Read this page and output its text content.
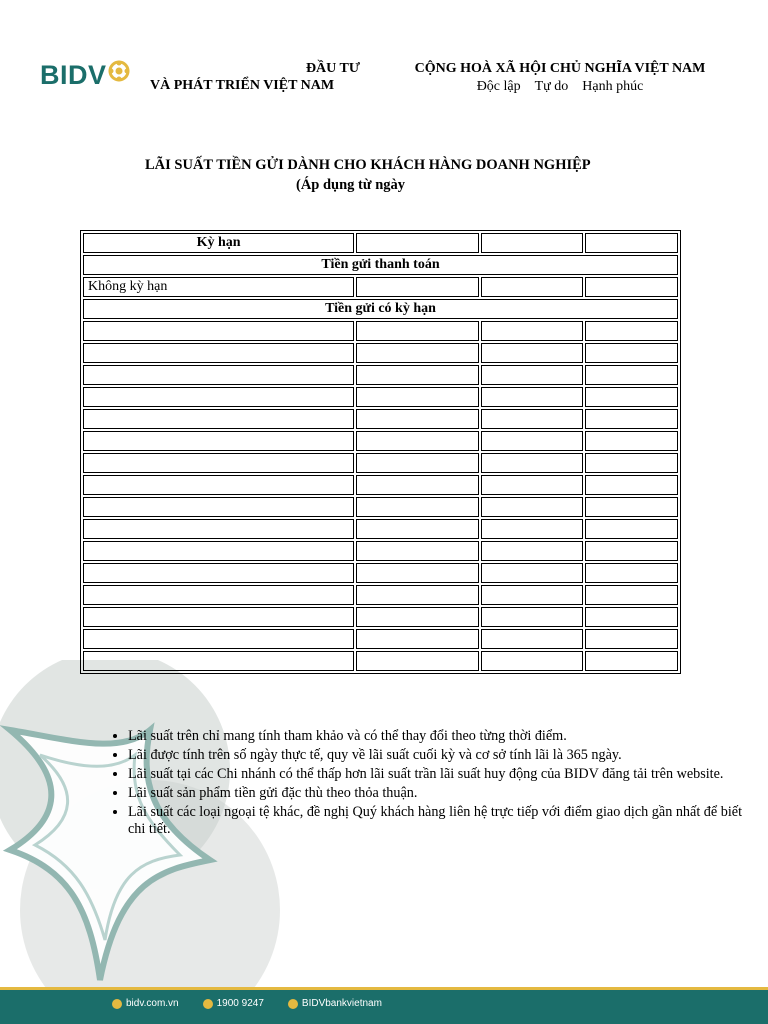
BIDV	ĐẦU TƯ
VÀ PHÁT TRIỂN VIỆT NAM
CỘNG HOÀ XÃ HỘI CHỦ NGHĨA VIỆT NAM
Độc lập Tự do Hạnh phúc
LÃI SUẤT TIỀN GỬI DÀNH CHO KHÁCH HÀNG DOANH NGHIỆP
(Áp dụng từ ngày
Kỳ hạn			
Tiền gửi thanh toán			
Không kỳ hạn			
Tiền gửi có kỳ hạn			

• Lãi suất trên chỉ mang tính tham khảo và có thể thay đổi theo từng thời điểm.
• Lãi được tính trên số ngày thực tế, quy về lãi suất cuối kỳ và cơ sở tính lãi là 365 ngày.
• Lãi suất tại các Chi nhánh có thể thấp hơn lãi suất trần lãi suất huy động của BIDV đăng tải trên website.
• Lãi suất sản phẩm tiền gửi đặc thù theo thỏa thuận.
• Lãi suất các loại ngoại tệ khác, đề nghị Quý khách hàng liên hệ trực tiếp với điểm giao dịch gần nhất để biết chi tiết.
bidv.com.vn	1900 9247	BIDVbankvietnam
